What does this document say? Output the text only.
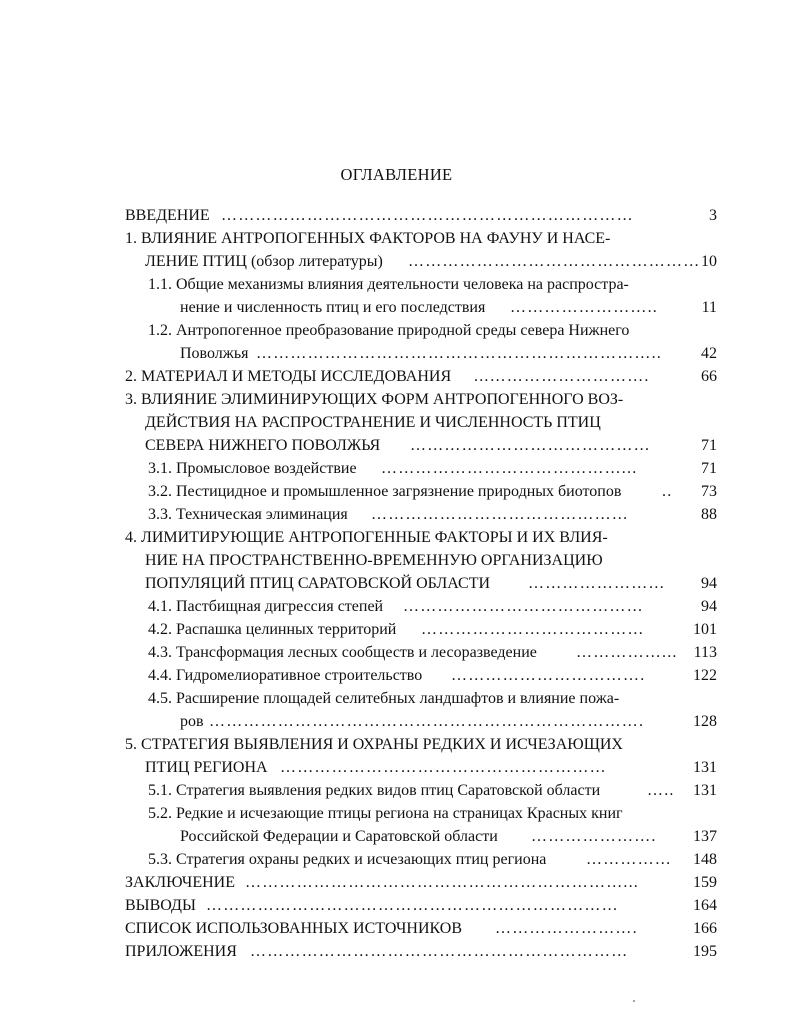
ОГЛАВЛЕНИЕ
ВВЕДЕНИЕ ………………………………………………………………	3
1. ВЛИЯНИЕ АНТРОПОГЕННЫХ ФАКТОРОВ НА ФАУНУ И НАСЕ-
ЛЕНИЕ ПТИЦ (обзор литературы) …………………………………………… 10
1.1. Общие механизмы влияния деятельности человека на распростра-
нение и численность птиц и его последствия ……………………..	11
1.2. Антропогенное преобразование природной среды севера Нижнего
Поволжья ……………………………………………………………..	42
2. МАТЕРИАЛ И МЕТОДЫ ИССЛЕДОВАНИЯ ...……………………….	66
3. ВЛИЯНИЕ ЭЛИМИНИРУЮЩИХ ФОРМ АНТРОПОГЕННОГО ВОЗ-
ДЕЙСТВИЯ НА РАСПРОСТРАНЕНИЕ И ЧИСЛЕННОСТЬ ПТИЦ
СЕВЕРА НИЖНЕГО ПОВОЛЖЬЯ ……………………………………	71
3.1. Промысловое воздействие ……………………………………...	71
3.2. Пестицидное и промышленное загрязнение природных биотопов	..	73
3.3. Техническая элиминация ………………………………………	88
4. ЛИМИТИРУЮЩИЕ АНТРОПОГЕННЫЕ ФАКТОРЫ И ИХ ВЛИЯ-
НИЕ НА ПРОСТРАНСТВЕННО-ВРЕМЕННУЮ ОРГАНИЗАЦИЮ
ПОПУЛЯЦИЙ ПТИЦ САРАТОВСКОЙ ОБЛАСТИ ……………………	94
4.1. Пастбищная дигрессия степей ……………………………………	94
4.2. Распашка целинных территорий …………………………………	101
4.3. Трансформация лесных сообществ и лесоразведение ……………... 113
4.4. Гидромелиоративное строительство …………………………….	122
4.5. Расширение площадей селитебных ландшафтов и влияние пожа-
ров ………………………………………………………………….	128
5. СТРАТЕГИЯ ВЫЯВЛЕНИЯ И ОХРАНЫ РЕДКИХ И ИСЧЕЗАЮЩИХ
ПТИЦ РЕГИОНА …………………………………………………	131
5.1. Стратегия выявления редких видов птиц Саратовской области	…..	131
5.2. Редкие и исчезающие птицы региона на страницах Красных книг
Российской Федерации и Саратовской области ………………….	137
5.3. Стратегия охраны редких и исчезающих птиц региона ……………	148
ЗАКЛЮЧЕНИЕ …………………………………………………………...	159
ВЫВОДЫ ………………………………………………………………	164
СПИСОК ИСПОЛЬЗОВАННЫХ ИСТОЧНИКОВ …………………….	166
ПРИЛОЖЕНИЯ …………………………………………………………	195
